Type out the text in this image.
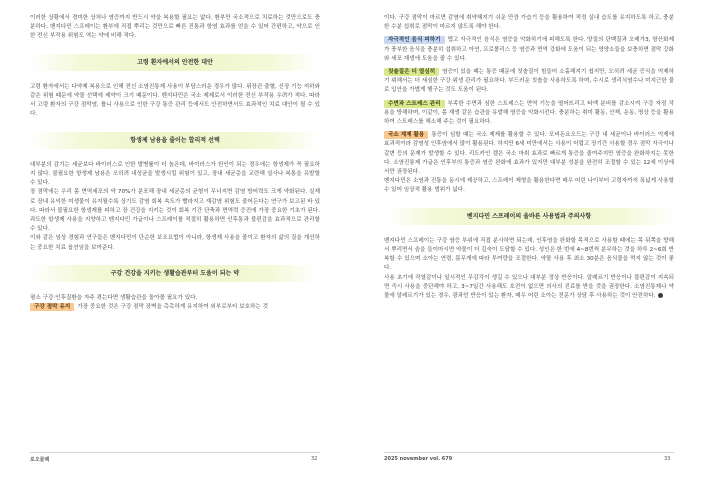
이러한 상황에서 경미한 상처나 염증까지 반드시 약을 복용할 필요는 없다. 환부만 국소적으로 치료하는 것만으로도 충분하다. 벤지다민 스프레이는 환부에 직접 뿌리는 것만으로 빠른 진통과 항염 효과를 얻을 수 있어 간편하고, 약으로 인한 전신 부작용 위험도 역는 약에 비해 적다.

고령 환자에서의 안전한 대안

고령 환자에서는 다약제 복용으로 인해 전신 소염진통제 사용이 부담스러운 경우가 많다. 위장관 출혈, 신장 기능 저하와 같은 위험 때문에 약물 선택에 제약이 크기 때문이다. 벤지다민은 국소 제제로서 이러한 전신 부작용 우려가 적다. 따라서 고령 환자의 구강 점막염, 틀니 사용으로 인한 구강 통증 관리 등에서도 안전하면서도 효과적인 치료 대안이 될 수 있다.

항생제 남용을 줄이는 합리적 선택

대부분의 감기는 세균보다 바이러스로 인한 발병률이 더 높은데, 바이러스가 원인이 되는 경우에는 항생제가 꼭 필요하지 않다. 불필요한 항생제 남용은 오히려 내성균을 발생시킬 위험이 있고, 장내 세균총을 교란해 설사나 복통을 유발할 수 있다.

장 점막에는 우리 몸 면역세포의 약 70%가 분포해 장내 세균총의 균형이 무너지면 감염 방어력도 크게 약화된다. 실제로 장내 유익한 미생물이 유지될수록 상기도 감염 회복 속도가 빨라지고 재감염 위험도 줄어든다는 연구가 보고된 바 있다. 따라서 불필요한 항생제를 피하고 장 건강을 지키는 것이 회복 기간 단축과 면역력 증진에 가장 중요한 기초가 된다. 과도한 항생제 사용을 지양하고 벤지다민 가글이나 스프레이를 적절히 활용하면 인후통과 불편감을 효과적으로 관리할 수 있다.

이와 같은 임상 경험과 연구들은 벤지다민이 단순한 보조요법이 아니라, 항생제 사용을 줄이고 환자의 삶의 질을 개선하는 중요한 치료 옵션임을 보여준다.

구강 건강을 지키는 생활습관부터 도움이 되는 약

평소 구강·인후질환을 자주 겪는다면 생활습관을 돌아볼 필요가 있다.

구강 점막 유지 가장 중요한 것은 구강 점막 장벽을 촉촉하게 유지하여 외부로부터 보호하는 것

이다. 구강 점막이 마르면 감염에 취약해지기 쉬운 만큼 가습기 등을 활용하여 적정 실내 습도를 유지하도록 하고, 충분한 수분 섭취로 점막이 마르지 않도록 해야 한다.

자극적인 음식 피하기 맵고 자극적인 음식은 염증을 악화하기에 피해도록 한다. 양질의 단백질과 오메가3, 항산화제가 풍부한 음식을 충분히 섭취하고 아연, 프로폴리스 등 염증과 면역 강화에 도움이 되는 영양소들을 보충하면 점막 강화와 세포 재생에 도움을 줄 수 있다.

칫솔질은 더 열심히 염증이 있을 때는 통증 때문에 칫솔질이 힘들어 소홀해지기 쉽지만, 오히려 세균 증식을 억제하기 위해서는 더 세심한 구강 위생 관리가 필요하다. 부드러운 칫솔을 사용하도록 하며, 수시로 생리식염수나 미지근한 물로 입안을 가볍게 헹구는 것도 도움이 된다.

수면과 스트레스 관리 부족한 수면과 심한 스트레스는 면역 기능을 떨어뜨리고 타액 분비를 감소시켜 구강 자정 작용을 방해하며, 이같이, 몸 재생 같은 습관을 유발해 염증을 악화시킨다. 충분하는 취미 활동, 산책, 운동, 명상 등을 활용하여 스트레스를 해소해 주는 것이 필요하다.

국소 제제 활용 통증이 심할 때는 국소 제제를 활용할 수 있다. 포비돈요오드는 구강 내 세균이나 바이러스 억제에 효과적이라 감염성 인후염에서 많이 활용된다. 하지만 6세 미만에서는 사용이 어렵고 장기간 사용할 경우 점막 자극이나 갈변 등의 문제가 발생할 수 있다. 리도카인 겔은 국소 마취 효과로 빠르게 통증을 줄여주지만 염증을 완화하지는 못한다. 소염진통제 가글은 인후부의 통증과 염증 완화에 효과가 있지만 대부분 성분을 완전히 조절할 수 있는 12세 이상에서만 권장된다.

벤지다민은 소염과 진통을 동시에 제공하고, 스프레이 제형을 활용한다면 매우 어린 나이부터 고령자까지 폭넓게 사용할 수 있어 임상적 활용 범위가 넓다.

벤지다민 스프레이의 올바른 사용법과 주의사항

벤지다민 스프레이는 구강 염증 부위에 직접 분사하면 되는데, 인후염을 완화할 목적으로 사용할 때에는 목 뒤쪽을 향해서 뿌리면서 숨을 들이마시면 약물이 더 깊숙이 도달할 수 있다. 성인은 한 번에 4~8번씩 분무하는 것을 하루 2~6회 반복할 수 있으며 소아는 연령, 몸무게에 따라 투여량을 조절한다. 약물 사용 후 최소 30분은 음식물을 먹지 않는 것이 좋다.

사용 초기에 작열감이나 일시적인 무감각이 생길 수 있으나 대부분 정상 반응이다. 알레르기 반응이나 불편감이 지속되면 즉시 사용을 중단해야 하고, 3~7일간 사용해도 호전이 없으면 의사의 진료를 받을 것을 권장한다. 소염진통제나 약물에 알레르기가 있는 경우, 광과민 반응이 있는 환자, 매우 어린 소아는 전문가 상담 후 사용하는 것이 안전하다.

로오물팩	32	2025 november vol. 679	33
